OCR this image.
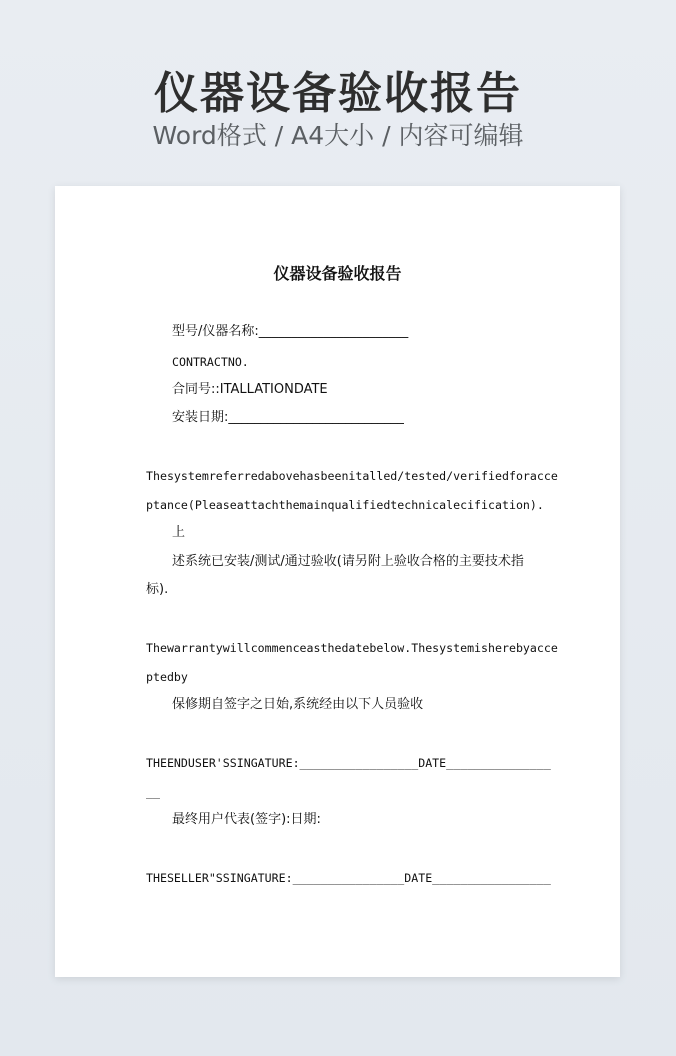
仪器设备验收报告
Word格式 / A4大小 / 内容可编辑
仪器设备验收报告
型号/仪器名称:_______________________
CONTRACTNO.
合同号::ITALLATIONDATE
安装日期:___________________________
Thesystemreferredabovehasbeenitalled/tested/verifiedforacce
ptance(Pleaseattachthemainqualifiedtechnicalecification).
上
述系统已安装/测试/通过验收(请另附上验收合格的主要技术指
标).
Thewarrantywillcommenceasthedatebelow.Thesystemisherebyacce
ptedby
保修期自签字之日始,系统经由以下人员验收
THEENDUSER'SSINGATURE:_________________DATE_______________
__
最终用户代表(签字):日期:
THESELLER"SSINGATURE:________________DATE_________________
